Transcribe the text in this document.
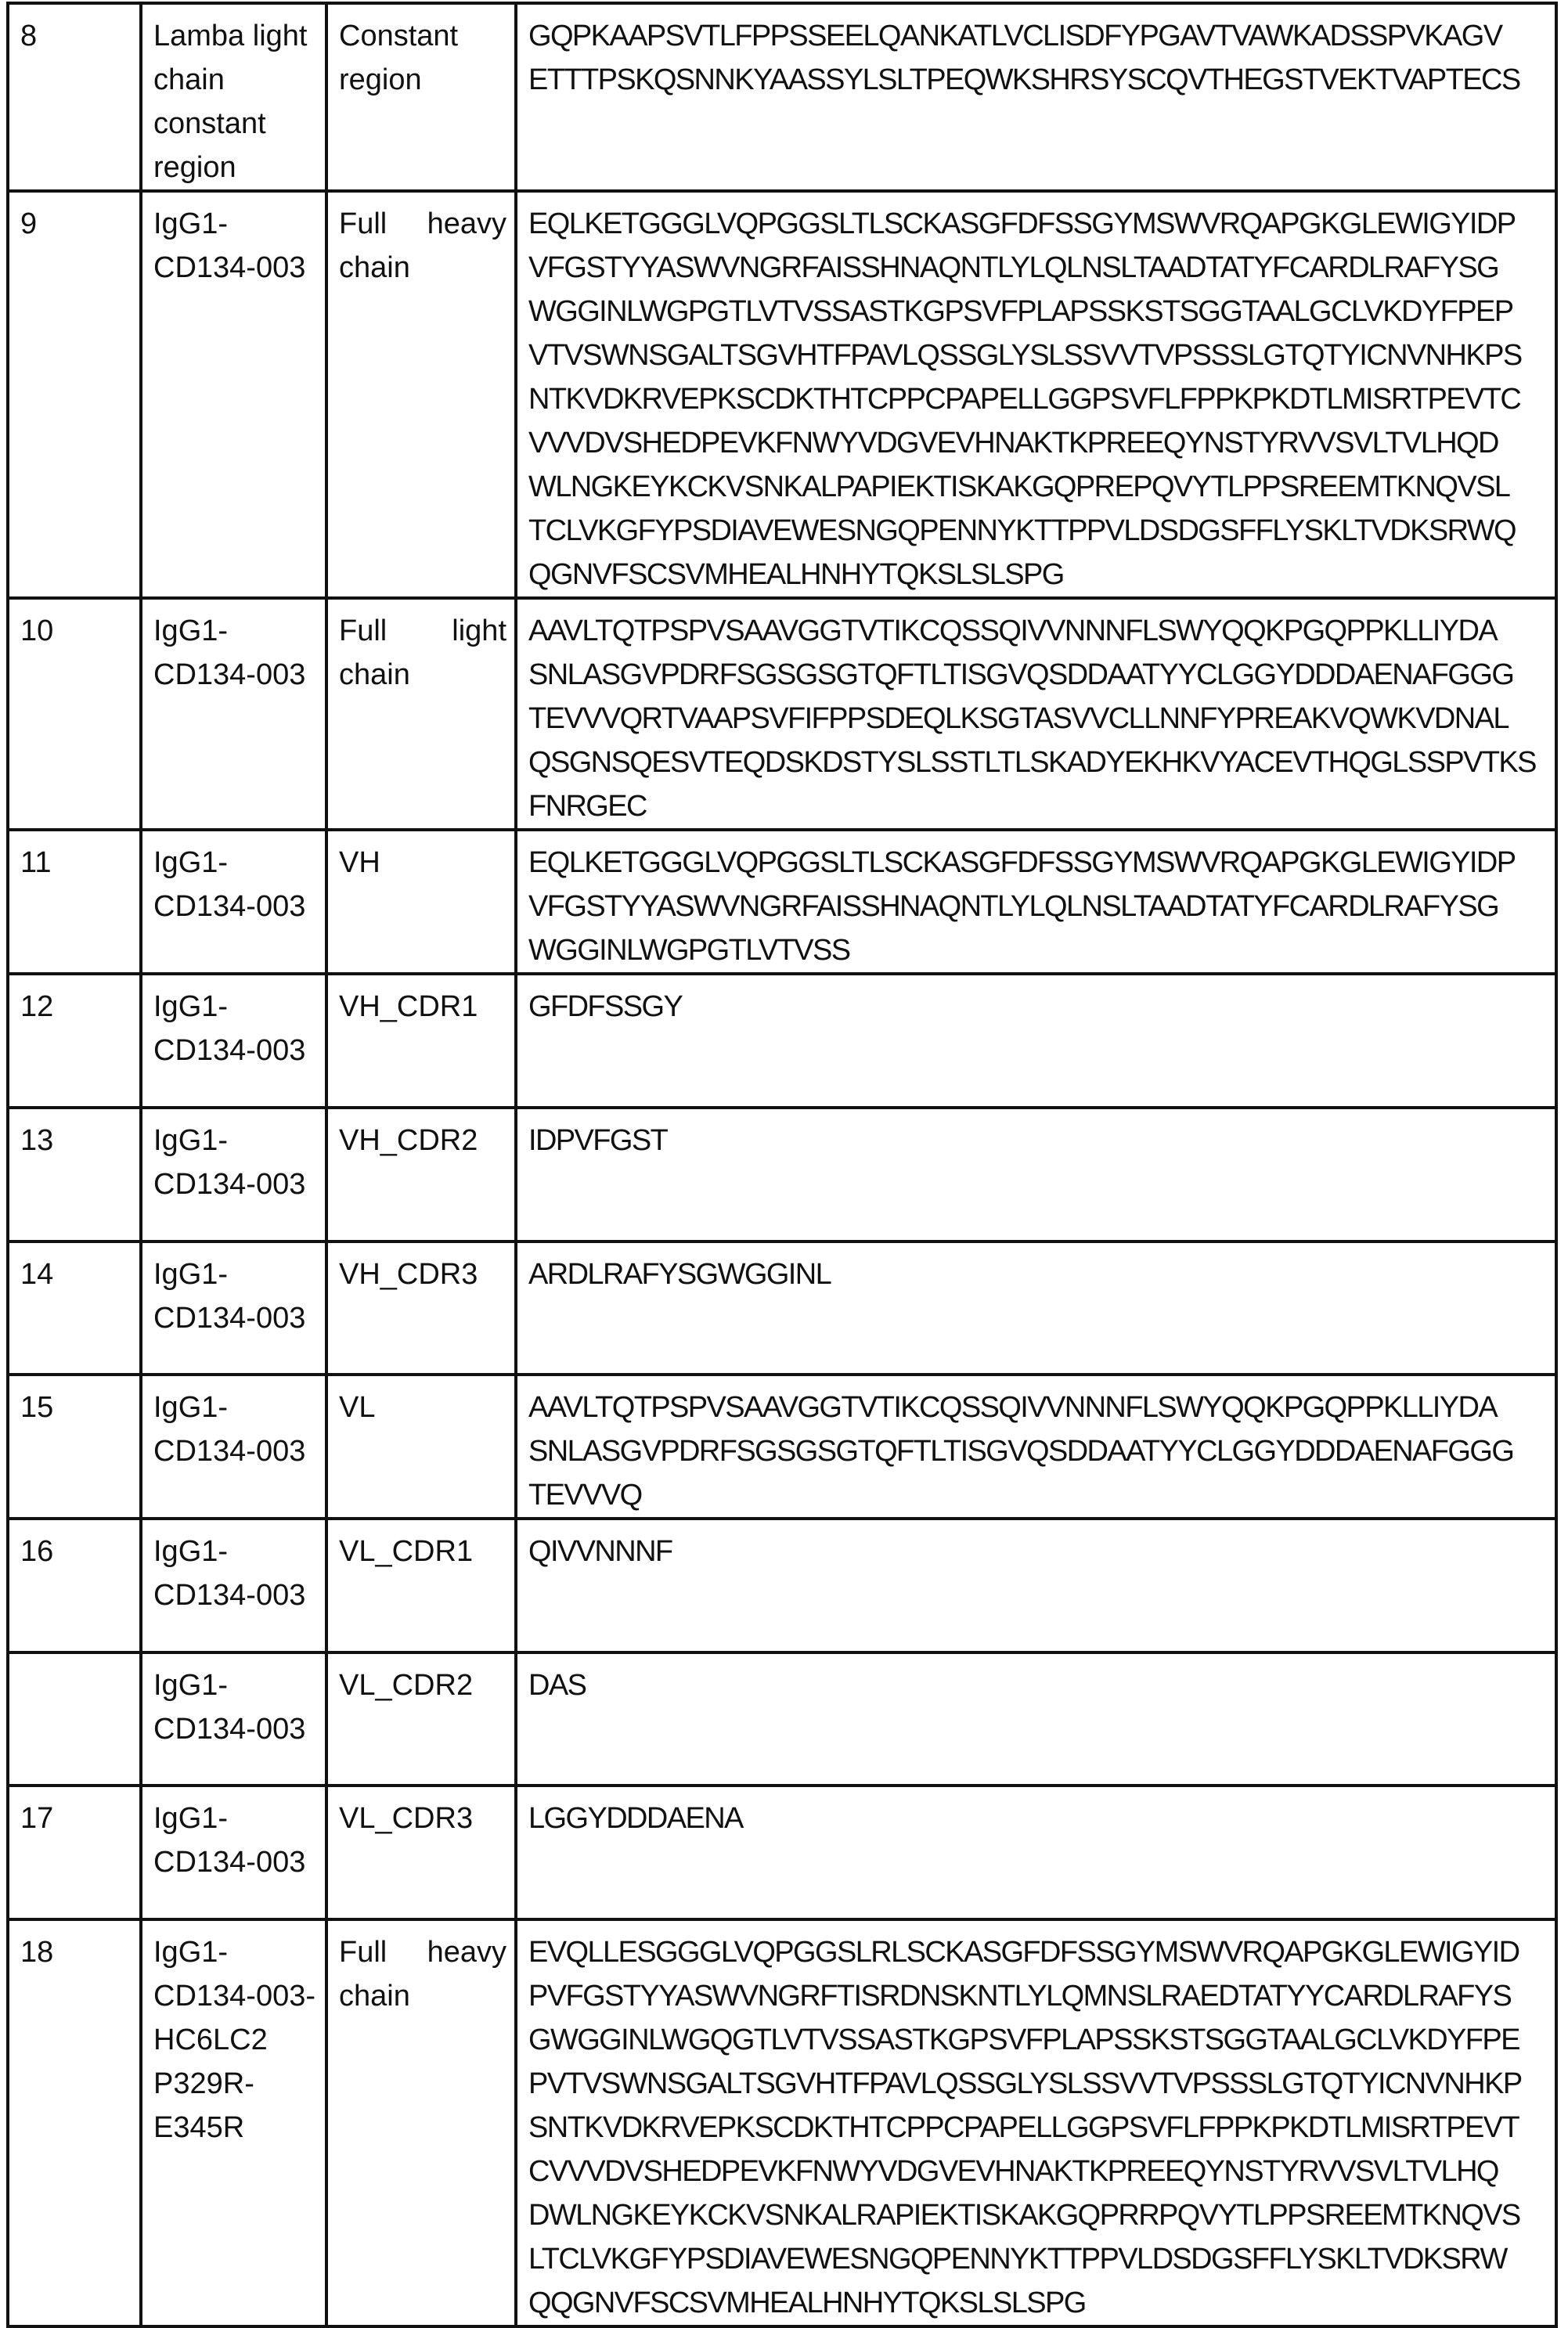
8	Lamba light chain constant region	Constant region	
GQPKAAPSVTLFPPSSEELQANKATLVCLISDFYPGAVTVAWKADSSPVKAGV
ETTTPSKQSNNKYAASSYLSLTPEQWKSHRSYSCQVTHEGSTVEKTVAPTECS

9	IgG1-CD134-003	Full heavy chain	
EQLKETGGGLVQPGGSLTLSCKASGFDFSSGYMSWVRQAPGKGLEWIGYIDP
VFGSTYYASWVNGRFAISSHNAQNTLYLQLNSLTAADTATYFCARDLRAFYSG
WGGINLWGPGTLVTVSSASTKGPSVFPLAPSSKSTSGGTAALGCLVKDYFPEP
VTVSWNSGALTSGVHTFPAVLQSSGLYSLSSVVTVPSSSLGTQTYICNVNHKPS
NTKVDKRVEPKSCDKTHTCPPCPAPELLGGPSVFLFPPKPKDTLMISRTPEVTC
VVVDVSHEDPEVKFNWYVDGVEVHNAKTKPREEQYNSTYRVVSVLTVLHQD
WLNGKEYKCKVSNKALPAPIEKTISKAKGQPREPQVYTLPPSREEMTKNQVSL
TCLVKGFYPSDIAVEWESNGQPENNYKTTPPVLDSDGSFFLYSKLTVDKSRWQ
QGNVFSCSVMHEALHNHYTQKSLSLSPG

10	IgG1-CD134-003	Full light chain	
AAVLTQTPSPVSAAVGGTVTIKCQSSQIVVNNNFLSWYQQKPGQPPKLLIYDA
SNLASGVPDRFSGSGSGTQFTLTISGVQSDDAATYYCLGGYDDDAENAFGGG
TEVVVQRTVAAPSVFIFPPSDEQLKSGTASVVCLLNNFYPREAKVQWKVDNAL
QSGNSQESVTEQDSKDSTYSLSSTLTLSKADYEKHKVYACEVTHQGLSSPVTKS
FNRGEC

11	IgG1-CD134-003	VH	EQLKETGGGLVQPGGSLTLSCKASGFDFSSGYMSWVRQAPGKGLEWIGYIDP
VFGSTYYASWVNGRFAISSHNAQNTLYLQLNSLTAADTATYFCARDLRAFYSG
WGGINLWGPGTLVTVSS

12	IgG1-CD134-003	VH_CDR1	GFDFSSGY

13	IgG1-CD134-003	VH_CDR2	IDPVFGST

14	IgG1-CD134-003	VH_CDR3	ARDLRAFYSGWGGINL

15	IgG1-CD134-003	VL	AAVLTQTPSPVSAAVGGTVTIKCQSSQIVVNNNFLSWYQQKPGQPPKLLIYDA
SNLASGVPDRFSGSGSGTQFTLTISGVQSDDAATYYCLGGYDDDAENAFGGG
TEVVVQ

16	IgG1-CD134-003	VL_CDR1	QIVVNNNF

	IgG1-CD134-003	VL_CDR2	DAS

17	IgG1-CD134-003	VL_CDR3	LGGYDDDAENA

18	IgG1-CD134-003-HC6LC2 P329R-E345R	Full heavy chain	
EVQLLESGGGLVQPGGSLRLSCKASGFDFSSGYMSWVRQAPGKGLEWIGYID
PVFGSTYYASWVNGRFTISRDNSKNTLYLQMNSLRAEDTATYYCARDLRAFYS
GWGGINLWGQGTLVTVSSASTKGPSVFPLAPSSKSTSGGTAALGCLVKDYFPE
PVTVSWNSGALTSGVHTFPAVLQSSGLYSLSSVVTVPSSSLGTQTYICNVNHKP
SNTKVDKRVEPKSCDKTHTCPPCPAPELLGGPSVFLFPPKPKDTLMISRTPEVT
CVVVDVSHEDPEVKFNWYVDGVEVHNAKTKPREEQYNSTYRVVSVLTVLHQ
DWLNGKEYKCKVSNKALRAPIEKTISKAKGQPRRPQVYTLPPSREEMTKNQVS
LTCLVKGFYPSDIAVEWESNGQPENNYKTTPPVLDSDGSFFLYSKLTVDKSRW
QQGNVFSCSVMHEALHNHYTQKSLSLSPG
